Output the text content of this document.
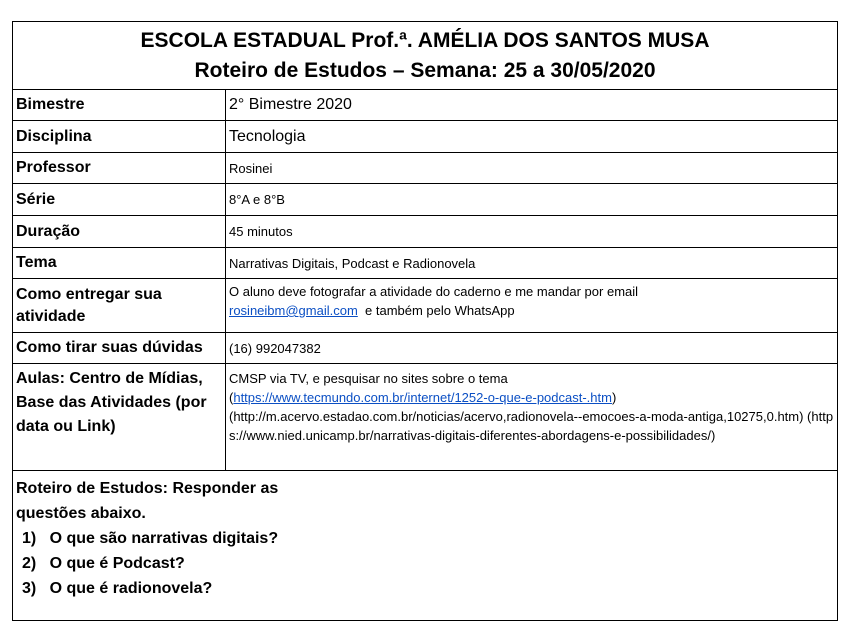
ESCOLA ESTADUAL Prof.ª. AMÉLIA DOS SANTOS MUSA
Roteiro de Estudos – Semana: 25 a 30/05/2020	

Bimestre	2° Bimestre 2020
Disciplina	Tecnologia
Professor	Rosinei
Série	8°A e 8°B
Duração	45 minutos
Tema	Narrativas Digitais, Podcast e Radionovela
Como entregar sua atividade	O aluno deve fotografar a atividade do caderno e me mandar por email
rosineibm@gmail.com  e também pelo WhatsApp
Como tirar suas dúvidas	(16) 992047382
Aulas: Centro de Mídias, Base das Atividades (por data ou Link)	CMSP via TV, e pesquisar no sites sobre o tema
(https://www.tecmundo.com.br/internet/1252-o-que-e-podcast-.htm)
(http://m.acervo.estadao.com.br/noticias/acervo,radionovela--emocoes-a-moda-antiga,10275,0.htm) (https://www.nied.unicamp.br/narrativas-digitais-diferentes-abordagens-e-possibilidades/)

Roteiro de Estudos: Responder as questões abaixo.
1) O que são narrativas digitais?
2) O que é Podcast?
3) O que é radionovela?	
